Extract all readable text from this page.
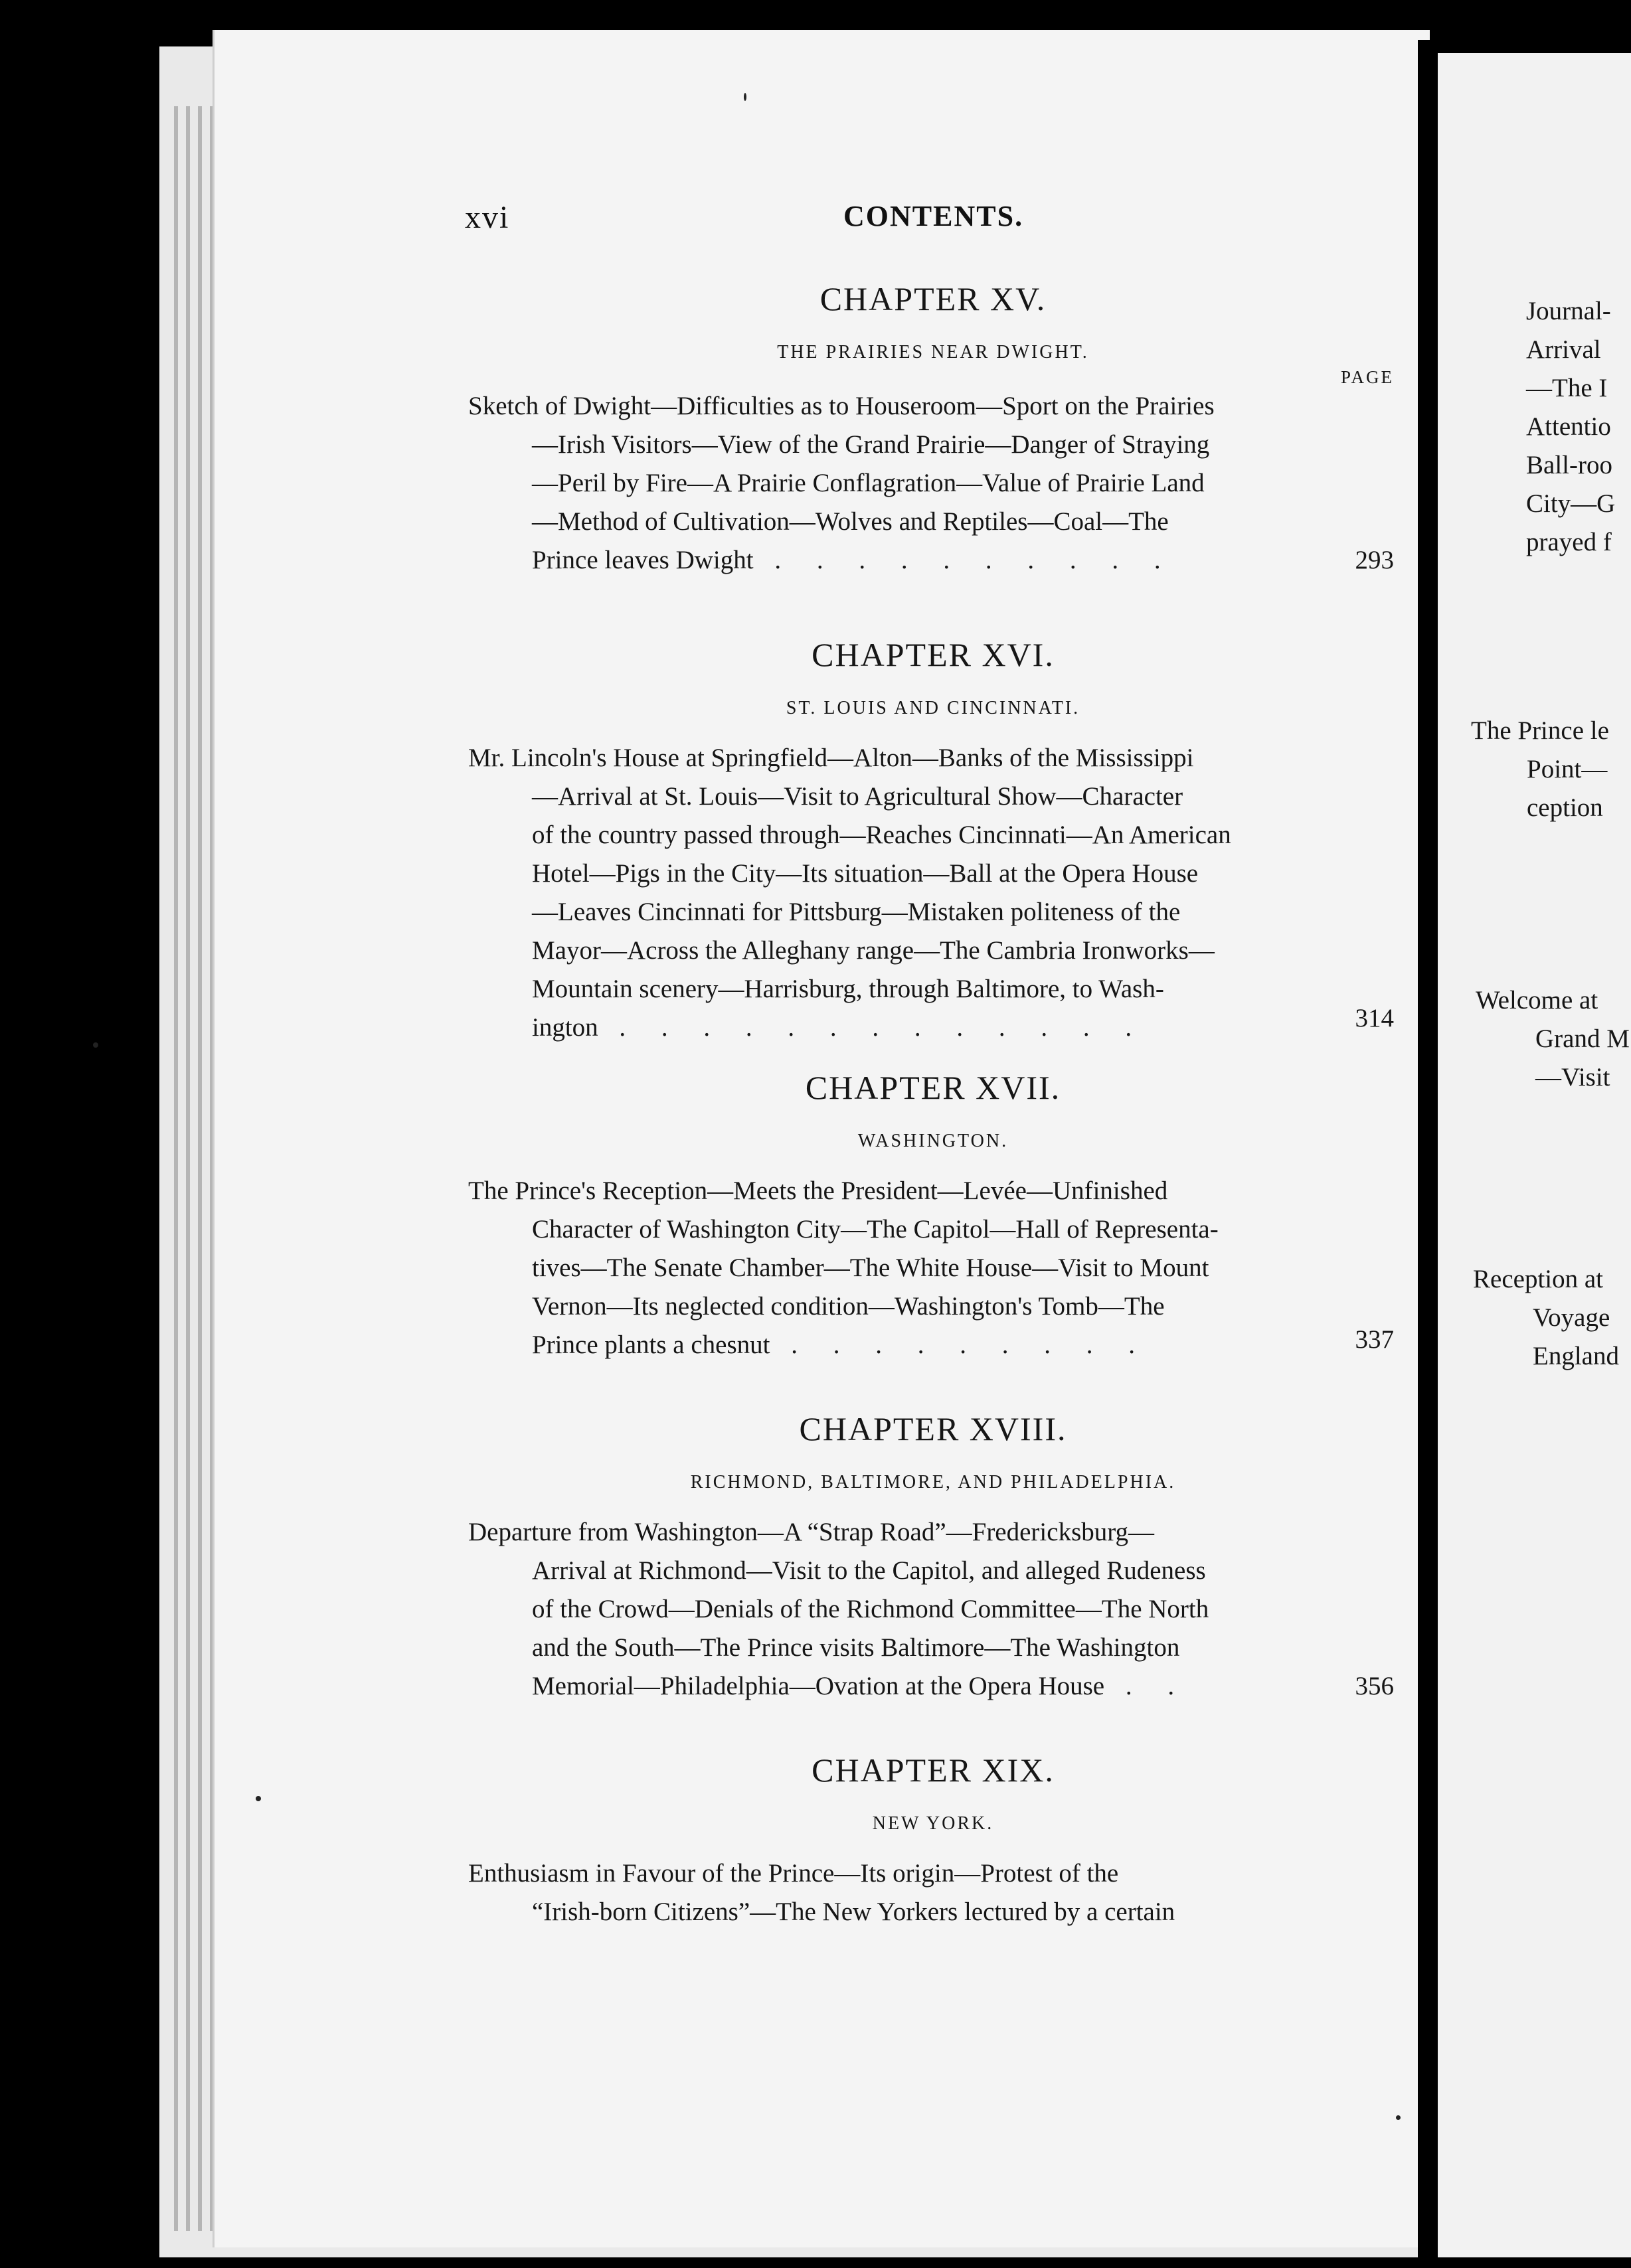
xvi	CONTENTS.
CHAPTER XV.
THE PRAIRIES NEAR DWIGHT.
PAGE
Sketch of Dwight—Difficulties as to Houseroom—Sport on the Prairies
—Irish Visitors—View of the Grand Prairie—Danger of Straying
—Peril by Fire—A Prairie Conflagration—Value of Prairie Land
—Method of Cultivation—Wolves and Reptiles—Coal—The
Prince leaves Dwight . . . . . . . . . .	293
CHAPTER XVI.
ST. LOUIS AND CINCINNATI.
Mr. Lincoln's House at Springfield—Alton—Banks of the Mississippi
—Arrival at St. Louis—Visit to Agricultural Show—Character
of the country passed through—Reaches Cincinnati—An American
Hotel—Pigs in the City—Its situation—Ball at the Opera House
—Leaves Cincinnati for Pittsburg—Mistaken politeness of the
Mayor—Across the Alleghany range—The Cambria Ironworks—
Mountain scenery—Harrisburg, through Baltimore, to Wash-
ington . . . . . . . . . . . . .	314
CHAPTER XVII.
WASHINGTON.
The Prince's Reception—Meets the President—Levée—Unfinished
Character of Washington City—The Capitol—Hall of Representa-
tives—The Senate Chamber—The White House—Visit to Mount
Vernon—Its neglected condition—Washington's Tomb—The
Prince plants a chesnut . . . . . . . . .	337
CHAPTER XVIII.
RICHMOND, BALTIMORE, AND PHILADELPHIA.
Departure from Washington—A “Strap Road”—Fredericksburg—
Arrival at Richmond—Visit to the Capitol, and alleged Rudeness
of the Crowd—Denials of the Richmond Committee—The North
and the South—The Prince visits Baltimore—The Washington
Memorial—Philadelphia—Ovation at the Opera House . .	356
CHAPTER XIX.
NEW YORK.
Enthusiasm in Favour of the Prince—Its origin—Protest of the
“Irish-born Citizens”—The New Yorkers lectured by a certain
Journal-
Arrival
—The I
Attentio
Ball-roo
City—G
prayed f
The Prince le
Point—
ception
Welcome at
Grand M
—Visit
Reception at
Voyage
England
